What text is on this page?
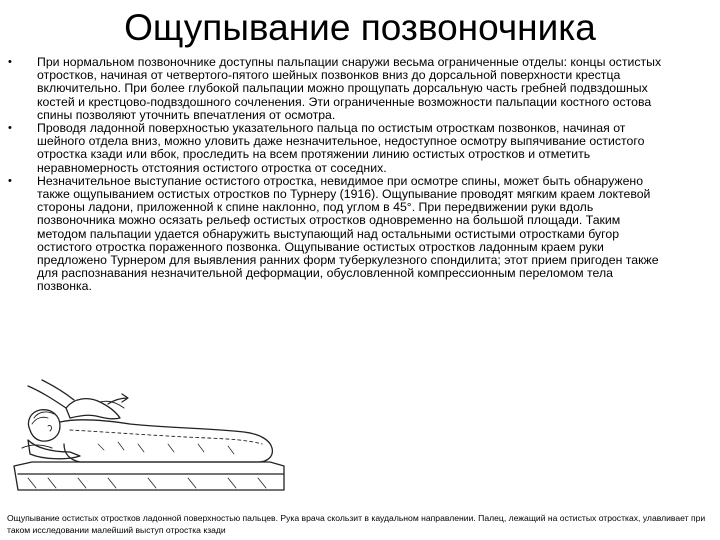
Ощупывание позвоночника
• При нормальном позвоночнике доступны пальпации снаружи весьма ограниченные отделы: концы остистых отростков, начиная от четвертого-пятого шейных позвонков вниз до дорсальной поверхности крестца включительно. При более глубокой пальпации можно прощупать дорсальную часть гребней подвздошных костей и крестцово-подвздошного сочленения. Эти ограниченные возможности пальпации костного остова спины позволяют уточнить впечатления от осмотра.
• Проводя ладонной поверхностью указательного пальца по остистым отросткам позвонков, начиная от шейного отдела вниз, можно уловить даже незначительное, недоступное осмотру выпячивание остистого отростка кзади или вбок, проследить на всем протяжении линию остистых отростков и отметить неравномерность отстояния остистого отростка от соседних.
• Незначительное выступание остистого отростка, невидимое при осмотре спины, может быть обнаружено также ощупыванием остистых отростков по Турнеру (1916). Ощупывание проводят мягким краем локтевой стороны ладони, приложенной к спине наклонно, под углом в 45°. При передвижении руки вдоль позвоночника можно осязать рельеф остистых отростков одновременно на большой площади. Таким методом пальпации удается обнаружить выступающий над остальными остистыми отростками бугор остистого отростка пораженного позвонка. Ощупывание остистых отростков ладонным краем руки предложено Турнером для выявления ранних форм туберкулезного спондилита; этот прием пригоден также для распознавания незначительной деформации, обусловленной компрессионным переломом тела позвонка.
Ощупывание остистых отростков ладонной поверхностью пальцев. Рука врача скользит в каудальном направлении. Палец, лежащий на остистых отростках, улавливает при таком исследовании малейший выступ отростка кзади
